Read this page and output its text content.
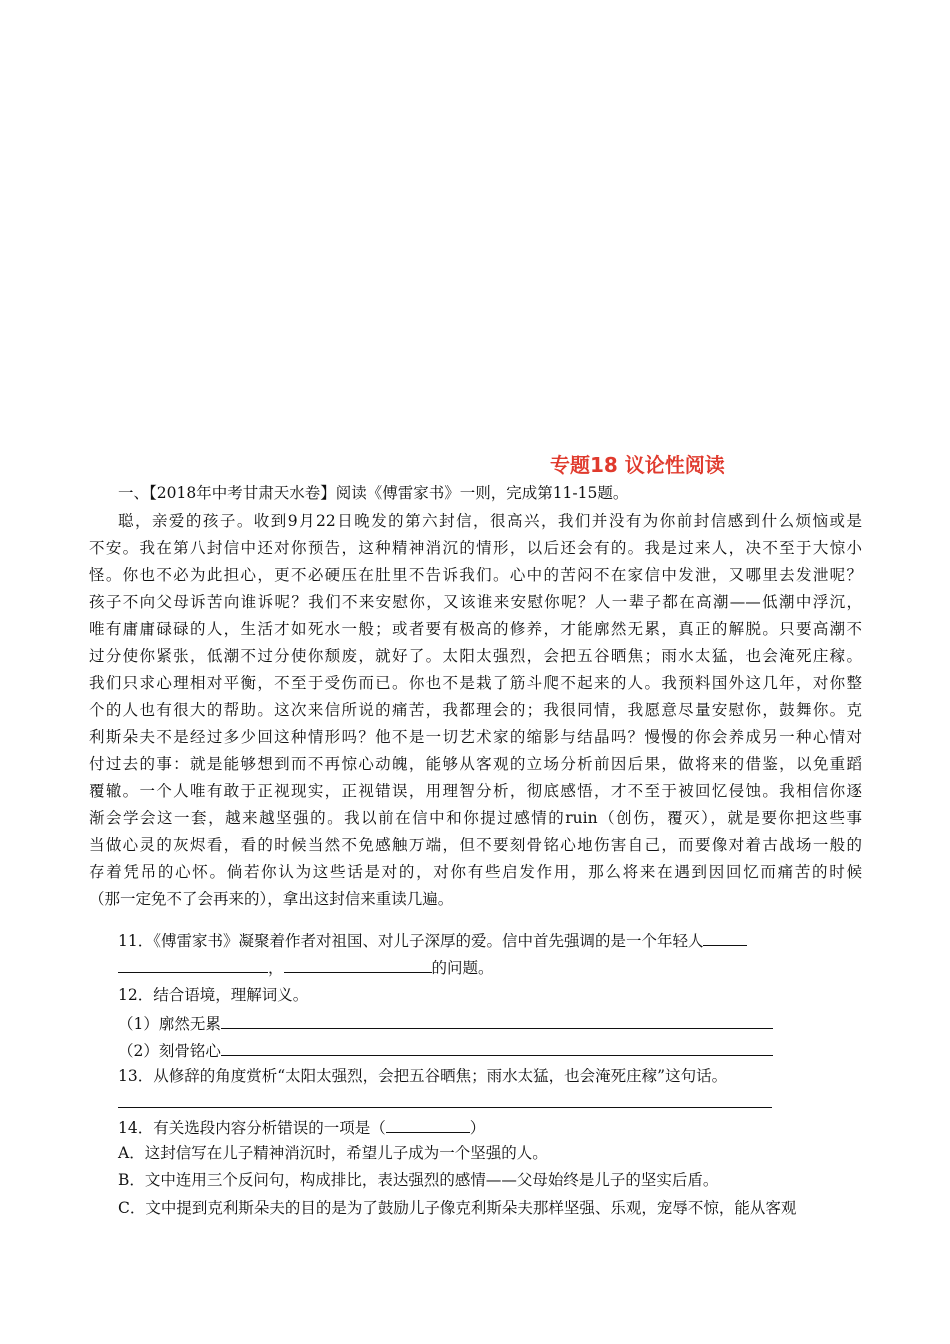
专题18 议论性阅读
一、【2018年中考甘肃天水卷】阅读《傅雷家书》一则，完成第11-15题。
聪，亲爱的孩子。收到9月22日晚发的第六封信，很高兴，我们并没有为你前封信感到什么烦恼或是
不安。我在第八封信中还对你预告，这种精神消沉的情形，以后还会有的。我是过来人，决不至于大惊小
怪。你也不必为此担心，更不必硬压在肚里不告诉我们。心中的苦闷不在家信中发泄，又哪里去发泄呢？
孩子不向父母诉苦向谁诉呢？我们不来安慰你，又该谁来安慰你呢？人一辈子都在高潮——低潮中浮沉，
唯有庸庸碌碌的人，生活才如死水一般；或者要有极高的修养，才能廓然无累，真正的解脱。只要高潮不
过分使你紧张，低潮不过分使你颓废，就好了。太阳太强烈，会把五谷晒焦；雨水太猛，也会淹死庄稼。
我们只求心理相对平衡，不至于受伤而已。你也不是栽了筋斗爬不起来的人。我预料国外这几年，对你整
个的人也有很大的帮助。这次来信所说的痛苦，我都理会的；我很同情，我愿意尽量安慰你，鼓舞你。克
利斯朵夫不是经过多少回这种情形吗？他不是一切艺术家的缩影与结晶吗？慢慢的你会养成另一种心情对
付过去的事：就是能够想到而不再惊心动魄，能够从客观的立场分析前因后果，做将来的借鉴，以免重蹈
覆辙。一个人唯有敢于正视现实，正视错误，用理智分析，彻底感悟，才不至于被回忆侵蚀。我相信你逐
渐会学会这一套，越来越坚强的。我以前在信中和你提过感情的ruin（创伤，覆灭），就是要你把这些事
当做心灵的灰烬看，看的时候当然不免感触万端，但不要刻骨铭心地伤害自己，而要像对着古战场一般的
存着凭吊的心怀。倘若你认为这些话是对的，对你有些启发作用，那么将来在遇到因回忆而痛苦的时候
（那一定免不了会再来的），拿出这封信来重读几遍。
11．《傅雷家书》凝聚着作者对祖国、对儿子深厚的爱。信中首先强调的是一个年轻人
，	的问题。
12．结合语境，理解词义。
（1）廓然无累
（2）刻骨铭心
13．从修辞的角度赏析“太阳太强烈，会把五谷晒焦；雨水太猛，也会淹死庄稼”这句话。
14．有关选段内容分析错误的一项是（	）
A．这封信写在儿子精神消沉时，希望儿子成为一个坚强的人。
B．文中连用三个反问句，构成排比，表达强烈的感情——父母始终是儿子的坚实后盾。
C．文中提到克利斯朵夫的目的是为了鼓励儿子像克利斯朵夫那样坚强、乐观，宠辱不惊，能从客观
